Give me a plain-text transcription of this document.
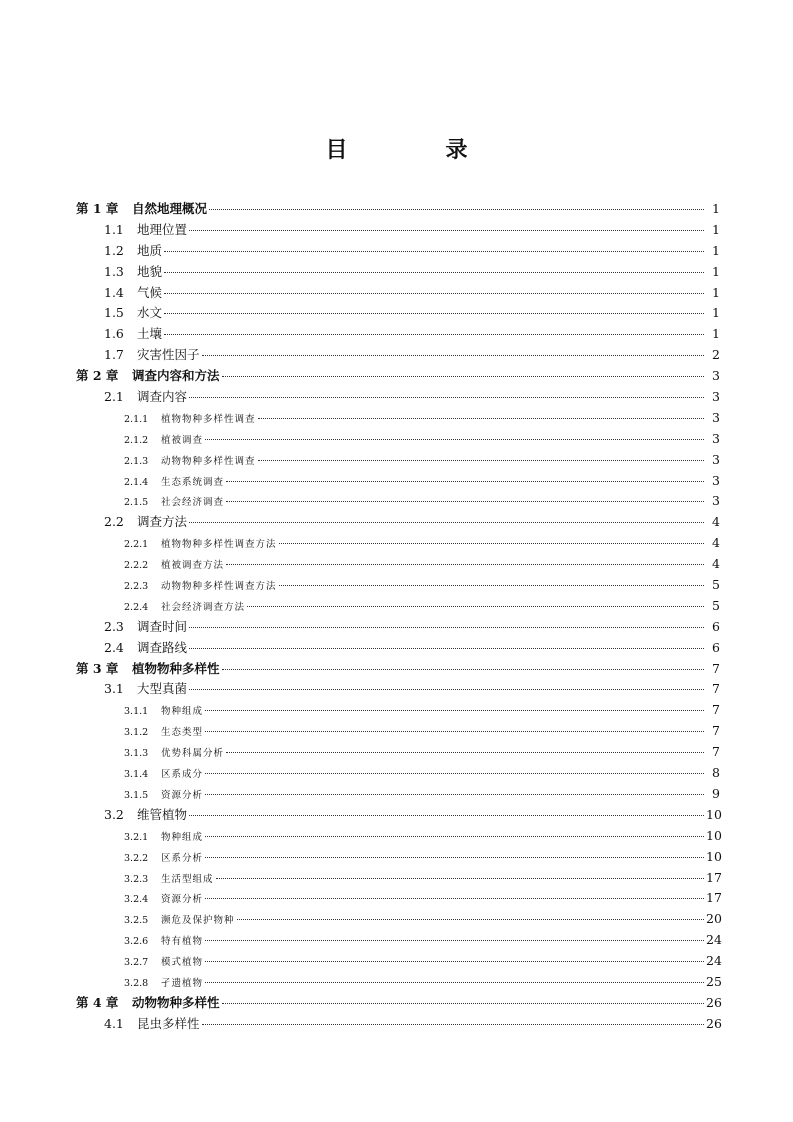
目　录
第 1 章	自然地理概况	1
1.1	地理位置	1
1.2	地质	1
1.3	地貌	1
1.4	气候	1
1.5	水文	1
1.6	土壤	1
1.7	灾害性因子	2
第 2 章	调查内容和方法	3
2.1	调查内容	3
2.1.1	植物物种多样性调查	3
2.1.2	植被调查	3
2.1.3	动物物种多样性调查	3
2.1.4	生态系统调查	3
2.1.5	社会经济调查	3
2.2	调查方法	4
2.2.1	植物物种多样性调查方法	4
2.2.2	植被调查方法	4
2.2.3	动物物种多样性调查方法	5
2.2.4	社会经济调查方法	5
2.3	调查时间	6
2.4	调查路线	6
第 3 章	植物物种多样性	7
3.1	大型真菌	7
3.1.1	物种组成	7
3.1.2	生态类型	7
3.1.3	优势科属分析	7
3.1.4	区系成分	8
3.1.5	资源分析	9
3.2	维管植物	10
3.2.1	物种组成	10
3.2.2	区系分析	10
3.2.3	生活型组成	17
3.2.4	资源分析	17
3.2.5	濒危及保护物种	20
3.2.6	特有植物	24
3.2.7	模式植物	24
3.2.8	孑遗植物	25
第 4 章	动物物种多样性	26
4.1	昆虫多样性	26
